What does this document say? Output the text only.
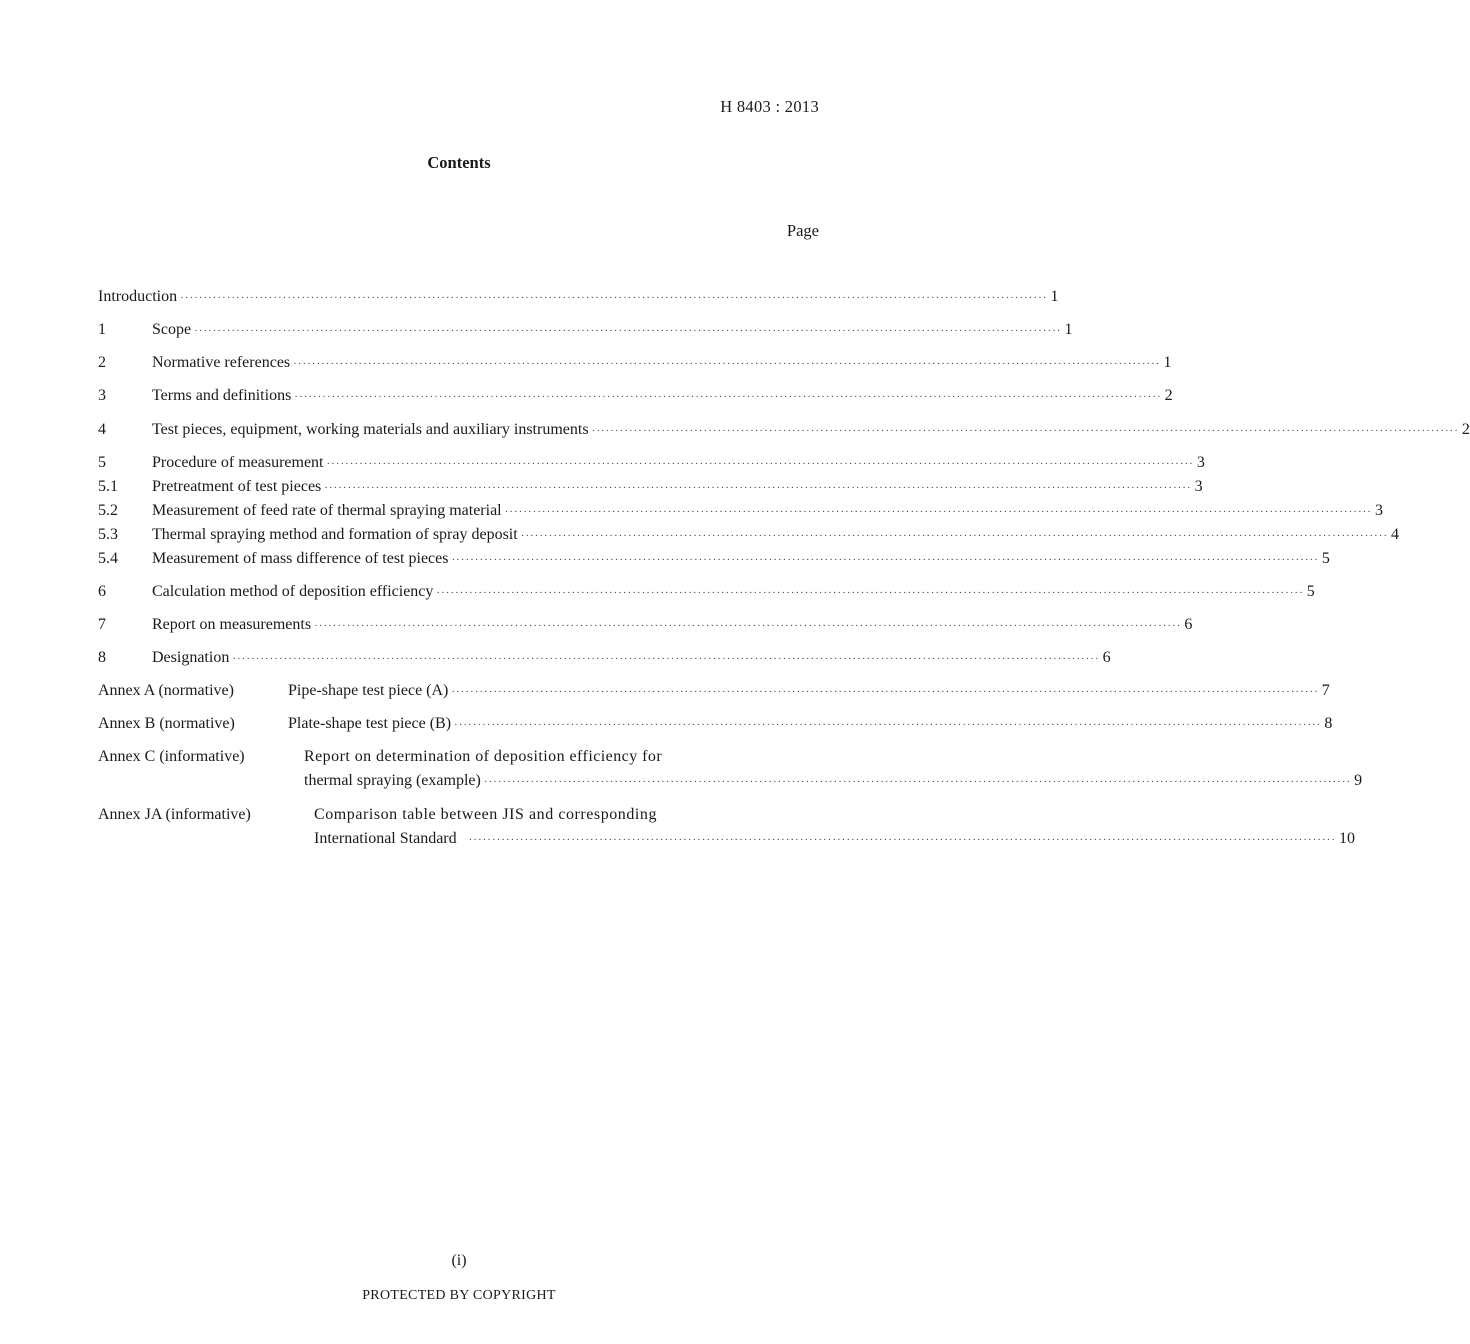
H 8403 : 2013
Contents
Page
Introduction ·····	1
1	Scope ·····	1
2	Normative references ·····	1
3	Terms and definitions ·····	2
4	Test pieces, equipment, working materials and auxiliary instruments ·····	2
5	Procedure of measurement ·····	3
5.1	Pretreatment of test pieces ·····	3
5.2	Measurement of feed rate of thermal spraying material ·····	3
5.3	Thermal spraying method and formation of spray deposit ·····	4
5.4	Measurement of mass difference of test pieces ·····	5
6	Calculation method of deposition efficiency ·····	5
7	Report on measurements ·····	6
8	Designation ·····	6
Annex A (normative)	Pipe-shape test piece (A) ·····	7
Annex B (normative)	Plate-shape test piece (B) ·····	8
Annex C (informative)	Report on determination of deposition efficiency for
thermal spraying (example) ·····	9
Annex JA (informative)	Comparison table between JIS and corresponding
International Standard ·····	10
(i)
PROTECTED BY COPYRIGHT
